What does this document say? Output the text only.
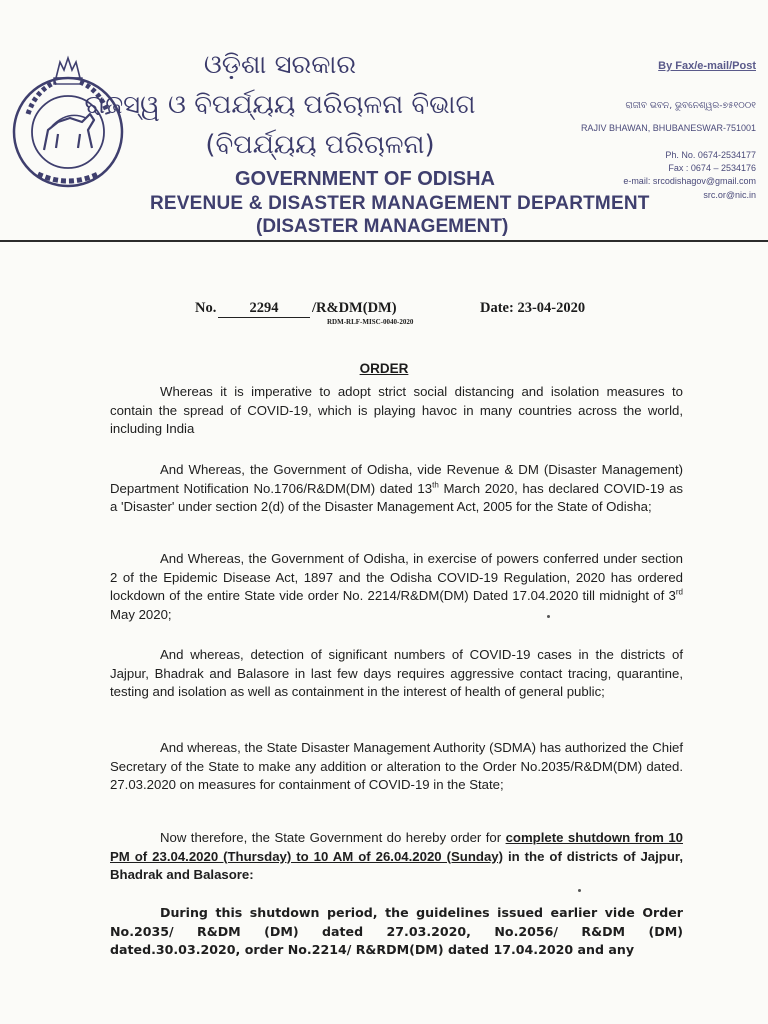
ଓଡ଼ିଶା ସରକାର
ରାଜସ୍ୱ ଓ ବିପର୍ଯ୍ୟୟ ପରିଚାଳନା ବିଭାଗ
(ବିପର୍ଯ୍ୟୟ ପରିଚାଳନା)
GOVERNMENT OF ODISHA
REVENUE & DISASTER MANAGEMENT DEPARTMENT
(DISASTER MANAGEMENT)
By Fax/e-mail/Post
ରାଜୀବ ଭବନ, ଭୁବନେଶ୍ୱର-୭୫୧୦୦୧
RAJIV BHAWAN, BHUBANESWAR-751001
Ph. No. 0674-2534177
Fax : 0674 – 2534176
e-mail: srcodishagov@gmail.com
src.or@nic.in
No.	2294	/R&DM(DM)	Date: 23-04-2020
RDM-RLF-MISC-0040-2020
ORDER
Whereas it is imperative to adopt strict social distancing and isolation measures to contain the spread of COVID-19, which is playing havoc in many countries across the world, including India
And Whereas, the Government of Odisha, vide Revenue & DM (Disaster Management) Department Notification No.1706/R&DM(DM) dated 13th March 2020, has declared COVID-19 as a 'Disaster' under section 2(d) of the Disaster Management Act, 2005 for the State of Odisha;
And Whereas, the Government of Odisha, in exercise of powers conferred under section 2 of the Epidemic Disease Act, 1897 and the Odisha COVID-19 Regulation, 2020 has ordered lockdown of the entire State vide order No. 2214/R&DM(DM) Dated 17.04.2020 till midnight of 3rd May 2020;
And whereas, detection of significant numbers of COVID-19 cases in the districts of Jajpur, Bhadrak and Balasore in last few days requires aggressive contact tracing, quarantine, testing and isolation as well as containment in the interest of health of general public;
And whereas, the State Disaster Management Authority (SDMA) has authorized the Chief Secretary of the State to make any addition or alteration to the Order No.2035/R&DM(DM) dated. 27.03.2020 on measures for containment of COVID-19 in the State;
Now therefore, the State Government do hereby order for complete shutdown from 10 PM of 23.04.2020 (Thursday) to 10 AM of 26.04.2020 (Sunday) in the of districts of Jajpur, Bhadrak and Balasore:
During this shutdown period, the guidelines issued earlier vide Order No.2035/ R&DM (DM) dated 27.03.2020, No.2056/ R&DM (DM) dated.30.03.2020, order No.2214/ R&RDM(DM) dated 17.04.2020 and any
